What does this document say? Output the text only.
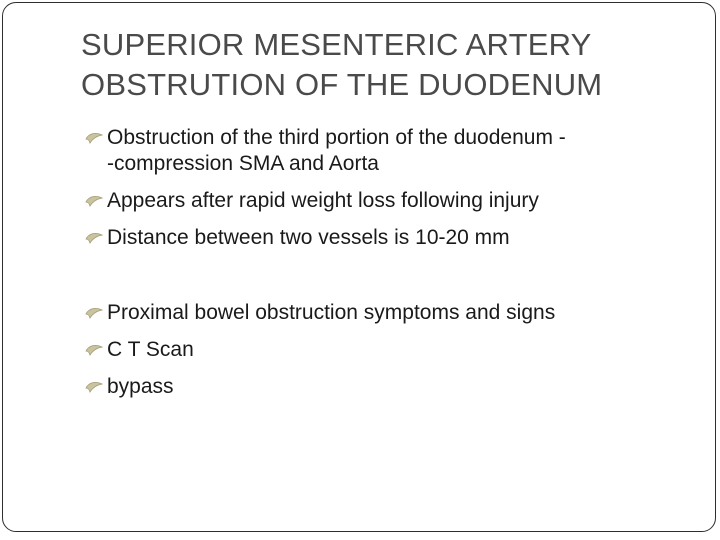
SUPERIOR MESENTERIC ARTERY
OBSTRUTION OF THE DUODENUM
Obstruction of the third portion of the duodenum -
-compression SMA and Aorta
Appears after rapid weight loss following injury
Distance between two vessels is 10-20 mm
Proximal bowel obstruction symptoms and signs
C T Scan
bypass
